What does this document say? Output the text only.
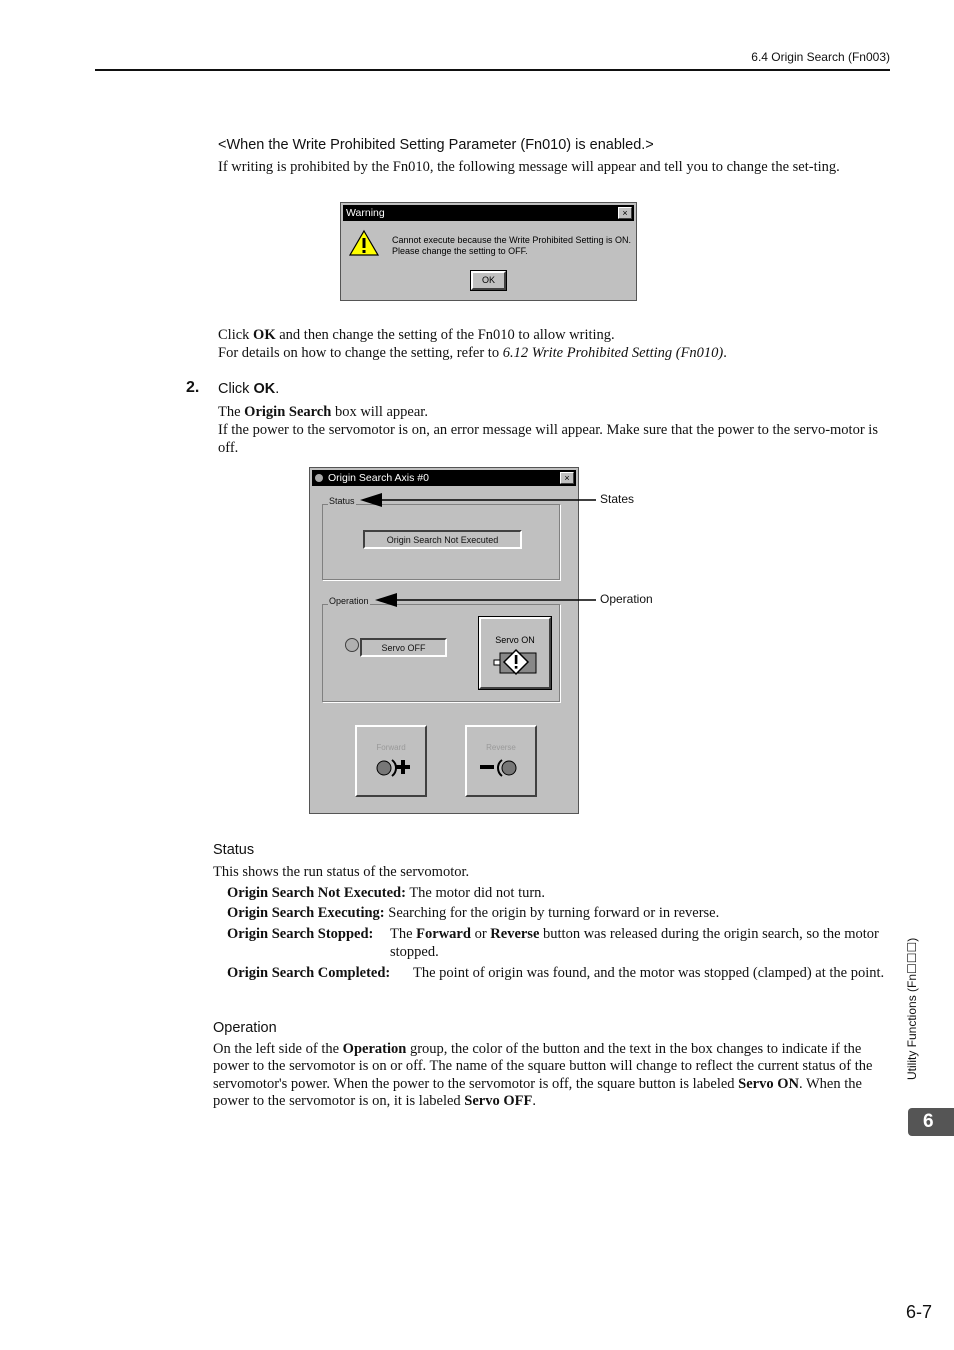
6.4 Origin Search (Fn003)
<When the Write Prohibited Setting Parameter (Fn010) is enabled.>
If writing is prohibited by the Fn010, the following message will appear and tell you to change the set-ting.
Warning	×
Cannot execute because the Write Prohibited Setting is ON.
Please change the setting to OFF.
OK
Click OK and then change the setting of the Fn010 to allow writing.
For details on how to change the setting, refer to 6.12 Write Prohibited Setting (Fn010).
2. Click OK.
The Origin Search box will appear.
If the power to the servomotor is on, an error message will appear. Make sure that the power to the servo-motor is off.
Origin Search Axis #0	×
Status
Origin Search Not Executed
Operation
Servo OFF
Servo ON
Forward	Reverse
States
Operation
Status
This shows the run status of the servomotor.
Origin Search Not Executed: The motor did not turn.
Origin Search Executing: Searching for the origin by turning forward or in reverse.
Origin Search Stopped: The Forward or Reverse button was released during the origin search, so the motor stopped.
Origin Search Completed: The point of origin was found, and the motor was stopped (clamped) at the point.
Operation
On the left side of the Operation group, the color of the button and the text in the box changes to indicate if the power to the servomotor is on or off. The name of the square button will change to reflect the current status of the servomotor's power. When the power to the servomotor is off, the square button is labeled Servo ON. When the power to the servomotor is on, it is labeled Servo OFF.
Utility Functions (Fn☐☐☐)
6
6-7
